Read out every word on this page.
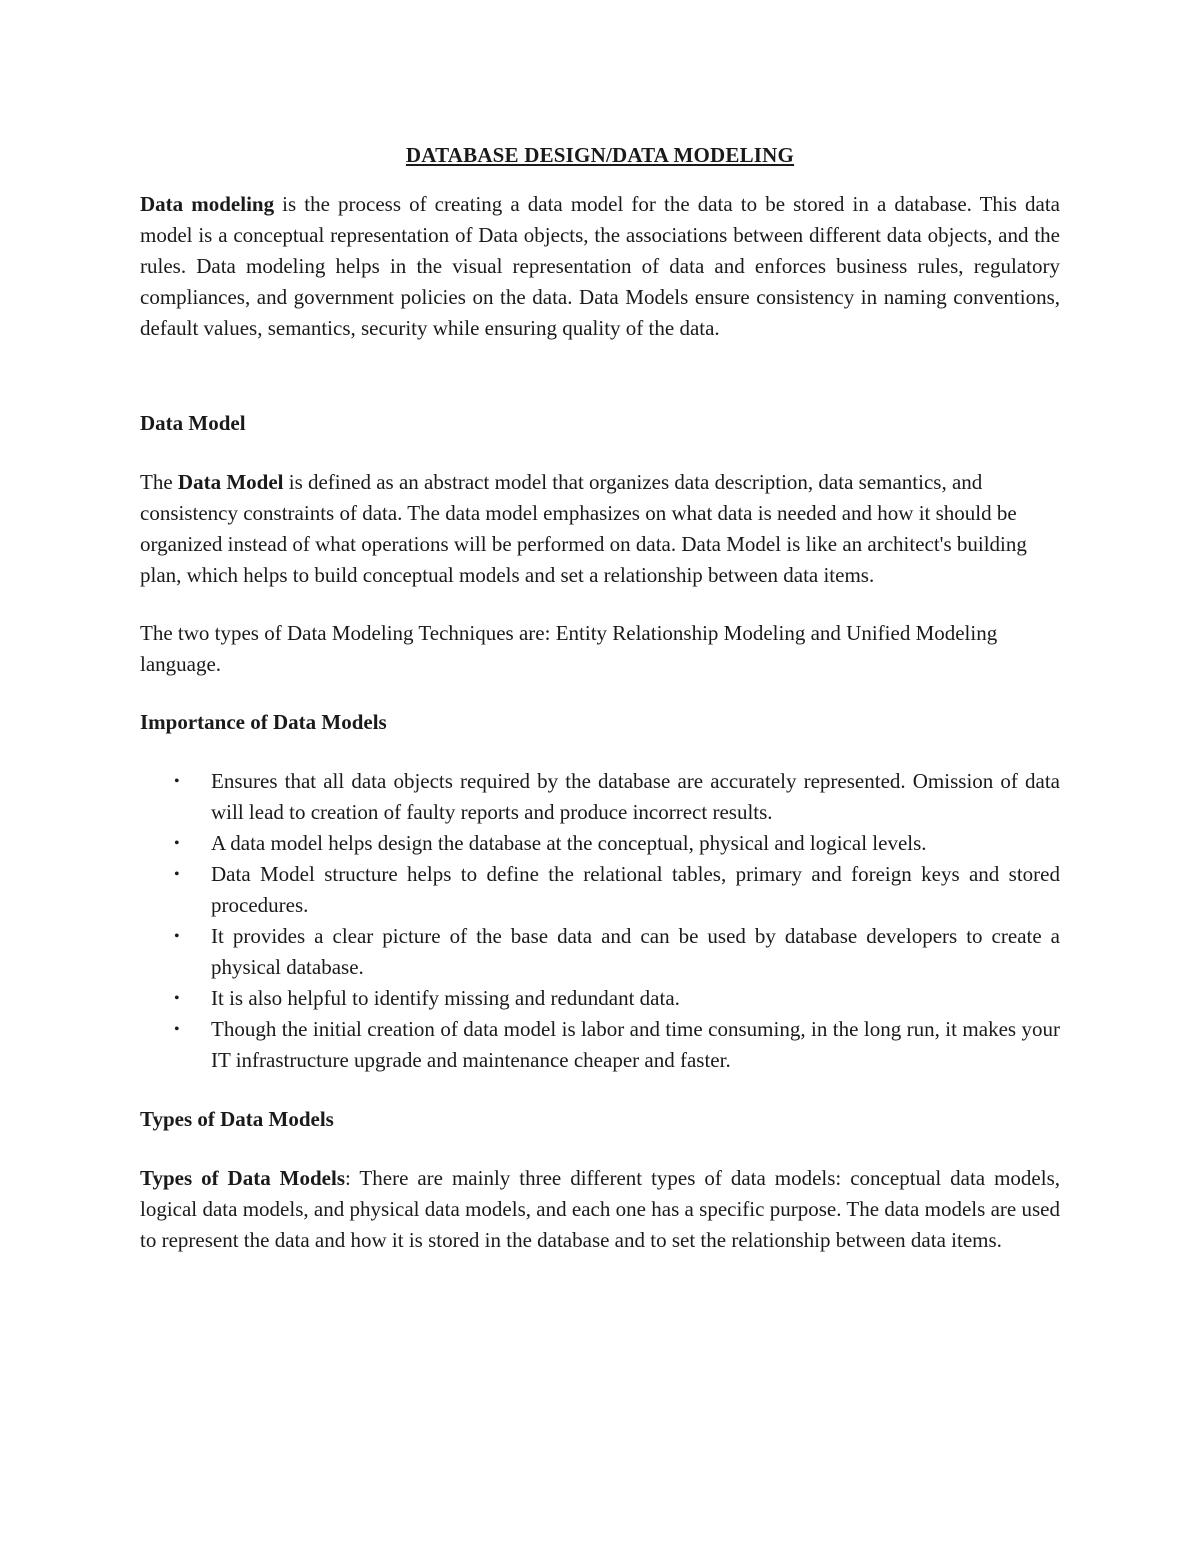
DATABASE DESIGN/DATA MODELING

Data modeling is the process of creating a data model for the data to be stored in a database. This data model is a conceptual representation of Data objects, the associations between different data objects, and the rules. Data modeling helps in the visual representation of data and enforces business rules, regulatory compliances, and government policies on the data. Data Models ensure consistency in naming conventions, default values, semantics, security while ensuring quality of the data.

Data Model

The Data Model is defined as an abstract model that organizes data description, data semantics, and consistency constraints of data. The data model emphasizes on what data is needed and how it should be organized instead of what operations will be performed on data. Data Model is like an architect's building plan, which helps to build conceptual models and set a relationship between data items.

The two types of Data Modeling Techniques are: Entity Relationship Modeling and Unified Modeling language.

Importance of Data Models

• Ensures that all data objects required by the database are accurately represented. Omission of data will lead to creation of faulty reports and produce incorrect results.
• A data model helps design the database at the conceptual, physical and logical levels.
• Data Model structure helps to define the relational tables, primary and foreign keys and stored procedures.
• It provides a clear picture of the base data and can be used by database developers to create a physical database.
• It is also helpful to identify missing and redundant data.
• Though the initial creation of data model is labor and time consuming, in the long run, it makes your IT infrastructure upgrade and maintenance cheaper and faster.

Types of Data Models

Types of Data Models: There are mainly three different types of data models: conceptual data models, logical data models, and physical data models, and each one has a specific purpose. The data models are used to represent the data and how it is stored in the database and to set the relationship between data items.
